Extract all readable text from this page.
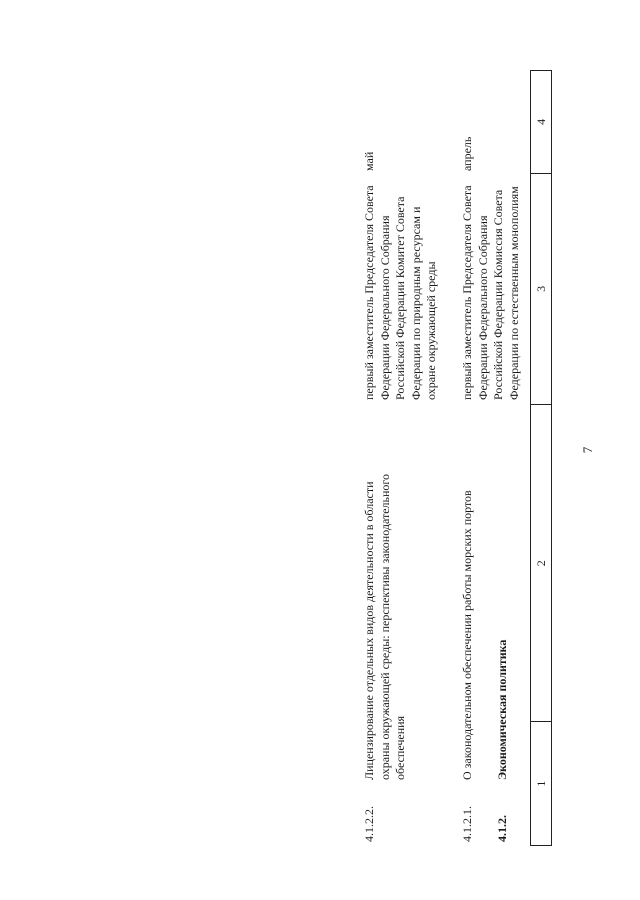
7
1
2
3
4
4.1.2.
Экономическая политика
4.1.2.1.
О законодательном обеспечении работы морских портов
первый заместитель Председателя Совета Федерации Федерального Собрания Российской Федерации Комиссия Совета Федерации по естественным монополиям
апрель
4.1.2.2.
Лицензирование отдельных видов деятельности в области охраны окружающей среды: перспективы законодательного обеспечения
первый заместитель Председателя Совета Федерации Федерального Собрания Российской Федерации Комитет Совета Федерации по природным ресурсам и охране окружающей среды
май
